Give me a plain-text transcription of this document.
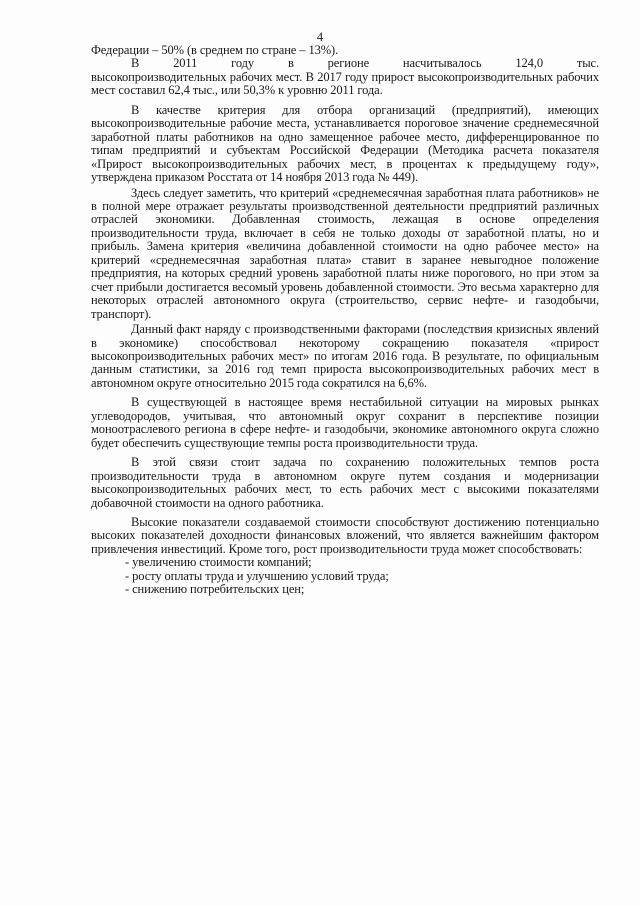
4

Федерации – 50% (в среднем по стране – 13%).

В 2011 году в регионе насчитывалось 124,0 тыс.

высокопроизводительных рабочих мест. В 2017 году прирост высокопроизводительных рабочих мест составил 62,4 тыс., или 50,3% к уровню 2011 года.

В качестве критерия для отбора организаций (предприятий), имеющих высокопроизводительные рабочие места, устанавливается пороговое значение среднемесячной заработной платы работников на одно замещенное рабочее место, дифференцированное по типам предприятий и субъектам Российской Федерации (Методика расчета показателя «Прирост высокопроизводительных рабочих мест, в процентах к предыдущему году», утверждена приказом Росстата от 14 ноября 2013 года № 449).

Здесь следует заметить, что критерий «среднемесячная заработная плата работников» не в полной мере отражает результаты производственной деятельности предприятий различных отраслей экономики. Добавленная стоимость, лежащая в основе определения производительности труда, включает в себя не только доходы от заработной платы, но и прибыль. Замена критерия «величина добавленной стоимости на одно рабочее место» на критерий «среднемесячная заработная плата» ставит в заранее невыгодное положение предприятия, на которых средний уровень заработной платы ниже порогового, но при этом за счет прибыли достигается весомый уровень добавленной стоимости. Это весьма характерно для некоторых отраслей автономного округа (строительство, сервис нефте- и газодобычи, транспорт).

Данный факт наряду с производственными факторами (последствия кризисных явлений в экономике) способствовал некоторому сокращению показателя «прирост высокопроизводительных рабочих мест» по итогам 2016 года. В результате, по официальным данным статистики, за 2016 год темп прироста высокопроизводительных рабочих мест в автономном округе относительно 2015 года сократился на 6,6%.

В существующей в настоящее время нестабильной ситуации на мировых рынках углеводородов, учитывая, что автономный округ сохранит в перспективе позиции моноотраслевого региона в сфере нефте- и газодобычи, экономике автономного округа сложно будет обеспечить существующие темпы роста производительности труда.

В этой связи стоит задача по сохранению положительных темпов роста производительности труда в автономном округе путем создания и модернизации высокопроизводительных рабочих мест, то есть рабочих мест с высокими показателями добавочной стоимости на одного работника.

Высокие показатели создаваемой стоимости способствуют достижению потенциально высоких показателей доходности финансовых вложений, что является важнейшим фактором привлечения инвестиций. Кроме того, рост производительности труда может способствовать:

- увеличению стоимости компаний;
- росту оплаты труда и улучшению условий труда;
- снижению потребительских цен;
